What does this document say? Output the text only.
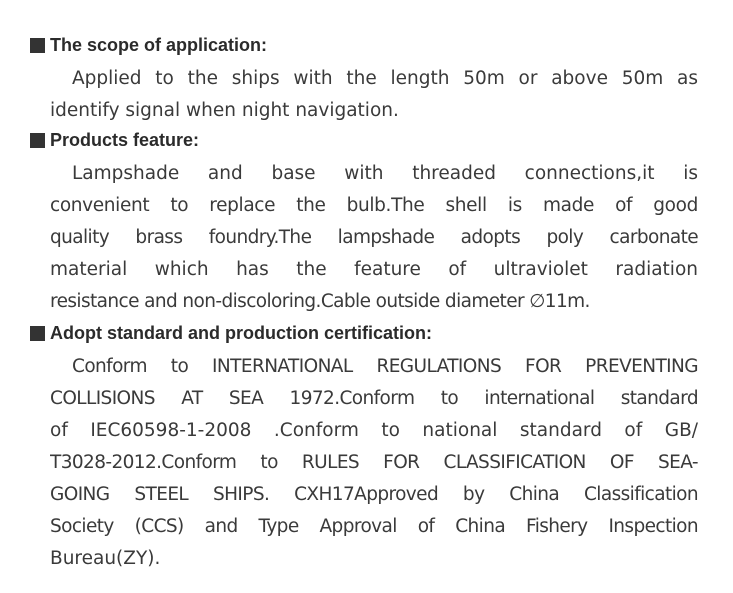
The scope of application:
Applied to the ships with the length 50m or above 50m as
identify signal when night navigation.
Products feature:
Lampshade and base with threaded connections,it is
convenient to replace the bulb.The shell is made of good
quality brass foundry.The lampshade adopts poly carbonate
material which has the feature of ultraviolet radiation
resistance and non-discoloring.Cable outside diameter ∅11m.
Adopt standard and production certification:
Conform to INTERNATIONAL REGULATIONS FOR PREVENTING
COLLISIONS AT SEA 1972.Conform to international standard
of IEC60598-1-2008 .Conform to national standard of GB/
T3028-2012.Conform to RULES FOR CLASSIFICATION OF SEA-
GOING STEEL SHIPS. CXH17Approved by China Classification
Society (CCS) and Type Approval of China Fishery Inspection
Bureau(ZY).
